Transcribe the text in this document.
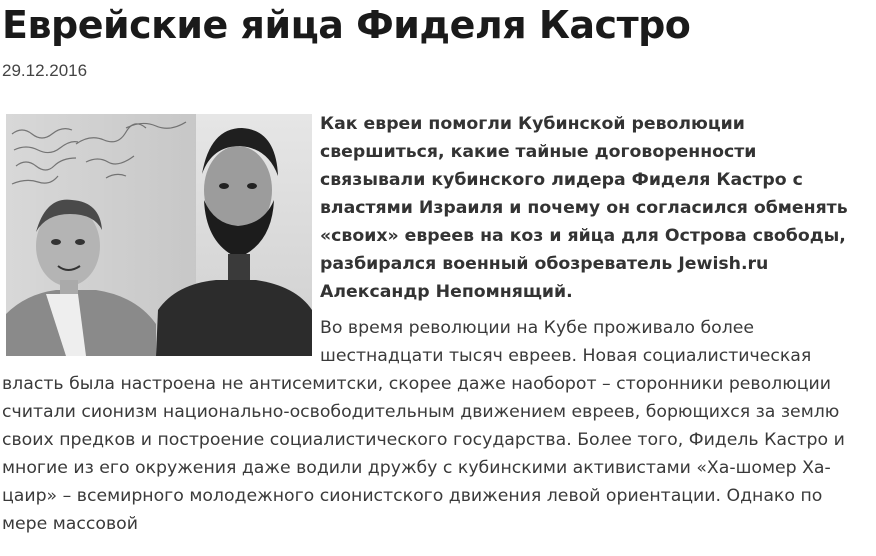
Еврейские яйца Фиделя Кастро
29.12.2016

Как евреи помогли Кубинской революции свершиться, какие тайные договоренности связывали кубинского лидера Фиделя Кастро с властями Израиля и почему он согласился обменять «своих» евреев на коз и яйца для Острова свободы, разбирался военный обозреватель Jewish.ru Александр Непомнящий.

Во время революции на Кубе проживало более шестнадцати тысяч евреев. Новая социалистическая власть была настроена не антисемитски, скорее даже наоборот – сторонники революции считали сионизм национально-освободительным движением евреев, борющихся за землю своих предков и построение социалистического государства. Более того, Фидель Кастро и многие из его окружения даже водили дружбу с кубинскими активистами «Ха-шомер Ха-цаир» – всемирного молодежного сионистского движения левой ориентации. Однако по мере массовой
